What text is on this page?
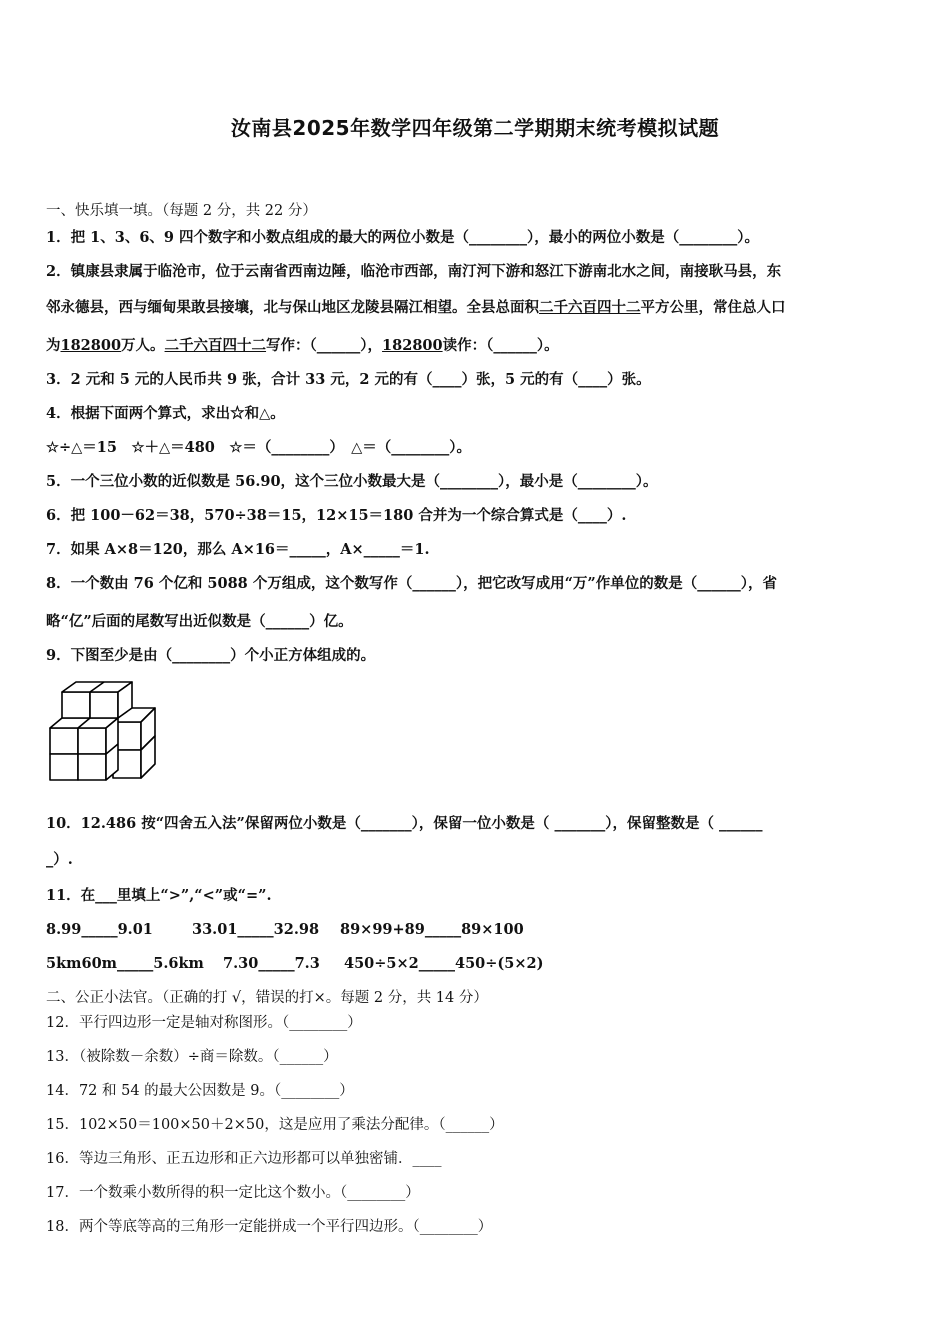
汝南县2025年数学四年级第二学期期末统考模拟试题
一、快乐填一填。（每题 2 分，共 22 分）
1．把 1、3、6、9 四个数字和小数点组成的最大的两位小数是（________），最小的两位小数是（________）。
2．镇康县隶属于临沧市，位于云南省西南边陲，临沧市西部，南汀河下游和怒江下游南北水之间，南接耿马县，东
邻永德县，西与缅甸果敢县接壤，北与保山地区龙陵县隔江相望。全县总面积二千六百四十二平方公里，常住总人口
为182800万人。二千六百四十二写作：（______），182800读作：（______）。
3．2 元和 5 元的人民币共 9 张，合计 33 元，2 元的有（____）张，5 元的有（____）张。
4．根据下面两个算式，求出☆和△。
☆÷△＝15　☆＋△＝480　☆＝（________）　△＝（________）。
5．一个三位小数的近似数是 56.90，这个三位小数最大是（________），最小是（________）。
6．把 100－62＝38，570÷38＝15，12×15＝180 合并为一个综合算式是（____）.
7．如果 A×8＝120，那么 A×16＝_____，A×_____＝1.
8．一个数由 76 个亿和 5088 个万组成，这个数写作（______），把它改写成用“万”作单位的数是（______），省
略“亿”后面的尾数写出近似数是（______）亿。
9．下图至少是由（________）个小正方体组成的。
10．12.486 按“四舍五入法”保留两位小数是（_______），保留一位小数是（ _______），保留整数是（ ______
_）.
11．在___里填上“>”,“<”或“=”.
8.99_____9.01	33.01_____32.98 89×99+89_____89×100
5km60m_____5.6km 7.30_____7.3 450÷5×2_____450÷(5×2)
二、公正小法官。（正确的打 √，错误的打×。每题 2 分，共 14 分）
12．平行四边形一定是轴对称图形。（________）
13．（被除数－余数）÷商＝除数。（______）
14．72 和 54 的最大公因数是 9。（________）
15．102×50＝100×50＋2×50，这是应用了乘法分配律。（______）
16．等边三角形、正五边形和正六边形都可以单独密铺．____
17．一个数乘小数所得的积一定比这个数小。（________）
18．两个等底等高的三角形一定能拼成一个平行四边形。（________）
